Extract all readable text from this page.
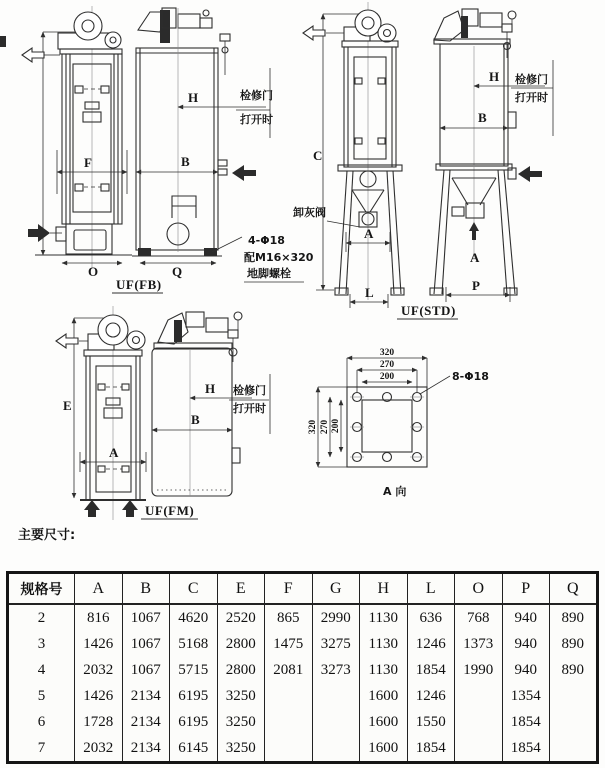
F
O
H	检修门
打开时
B
Q
4-Φ18
配M16×320
地脚螺栓
UF(FB)
C
卸灰阀
A
L
UF(STD)
H 检修门
打开时
B
A
P
E
A
UF(FM)
H 检修门
打开时
B
320
270
200
320 270 200
8-Φ18
A 向
主要尺寸:
规格号	A	B	C	E	F	G	H	L	O	P	Q
2	816	1067	4620	2520	865	2990	1130	636	768	940	890
3	1426	1067	5168	2800	1475	3275	1130	1246	1373	940	890
4	2032	1067	5715	2800	2081	3273	1130	1854	1990	940	890
5	1426	2134	6195	3250			1600	1246		1354	
6	1728	2134	6195	3250			1600	1550		1854	
7	2032	2134	6145	3250			1600	1854		1854	
